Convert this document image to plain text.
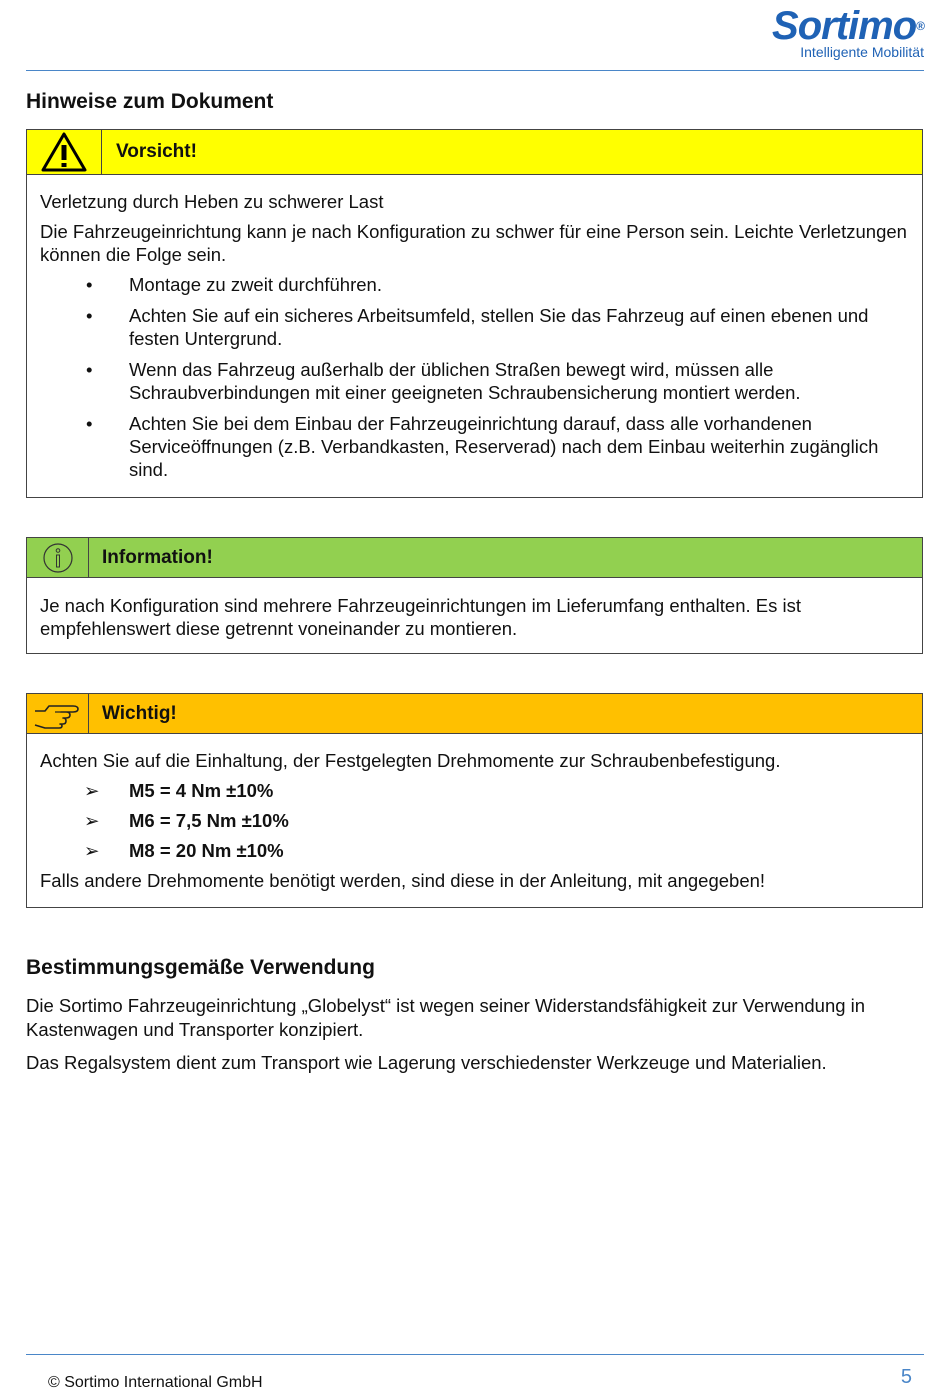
Sortimo®
Intelligente Mobilität
Hinweise zum Dokument
Vorsicht!

Verletzung durch Heben zu schwerer Last

Die Fahrzeugeinrichtung kann je nach Konfiguration zu schwer für eine Person sein. Leichte Verletzungen können die Folge sein.

• Montage zu zweit durchführen.
• Achten Sie auf ein sicheres Arbeitsumfeld, stellen Sie das Fahrzeug auf einen ebenen und festen Untergrund.
• Wenn das Fahrzeug außerhalb der üblichen Straßen bewegt wird, müssen alle Schraubverbindungen mit einer geeigneten Schraubensicherung montiert werden.
• Achten Sie bei dem Einbau der Fahrzeugeinrichtung darauf, dass alle vorhandenen Serviceöffnungen (z.B. Verbandkasten, Reserverad) nach dem Einbau weiterhin zugänglich sind.
Information!

Je nach Konfiguration sind mehrere Fahrzeugeinrichtungen im Lieferumfang enthalten. Es ist empfehlenswert diese getrennt voneinander zu montieren.

Wichtig!

Achten Sie auf die Einhaltung, der Festgelegten Drehmomente zur Schraubenbefestigung.

➢ M5 = 4 Nm ±10%
➢ M6 = 7,5 Nm ±10%
➢ M8 = 20 Nm ±10%

Falls andere Drehmomente benötigt werden, sind diese in der Anleitung, mit angegeben!

Bestimmungsgemäße Verwendung

Die Sortimo Fahrzeugeinrichtung „Globelyst“ ist wegen seiner Widerstandsfähigkeit zur Verwendung in Kastenwagen und Transporter konzipiert.

Das Regalsystem dient zum Transport wie Lagerung verschiedenster Werkzeuge und Materialien.

© Sortimo International GmbH	5
